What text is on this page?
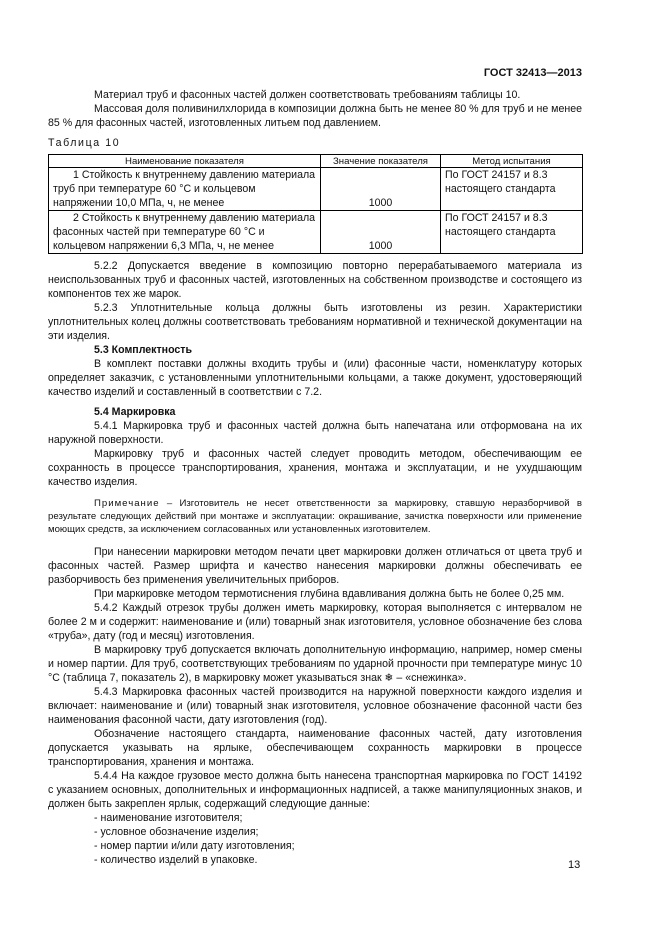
ГОСТ 32413—2013

Материал труб и фасонных частей должен соответствовать требованиям таблицы 10.

Массовая доля поливинилхлорида в композиции должна быть не менее 80 % для труб и не менее 85 % для фасонных частей, изготовленных литьем под давлением.

Таблица 10

Наименование показателя	Значение показателя	Метод испытания

1 Стойкость к внутреннему давлению материала труб при температуре 60 °С и кольцевом напряжении 10,0 МПа, ч, не менее	1000	По ГОСТ 24157 и 8.3 настоящего стандарта

2 Стойкость к внутреннему давлению материала фасонных частей при температуре 60 °С и кольцевом напряжении 6,3 МПа, ч, не менее	1000	По ГОСТ 24157 и 8.3 настоящего стандарта

5.2.2 Допускается введение в композицию повторно перерабатываемого материала из неиспользованных труб и фасонных частей, изготовленных на собственном производстве и состоящего из компонентов тех же марок.

5.2.3 Уплотнительные кольца должны быть изготовлены из резин. Характеристики уплотнительных колец должны соответствовать требованиям нормативной и технической документации на эти изделия.

5.3 Комплектность

В комплект поставки должны входить трубы и (или) фасонные части, номенклатуру которых определяет заказчик, с установленными уплотнительными кольцами, а также документ, удостоверяющий качество изделий и составленный в соответствии с 7.2.

5.4 Маркировка

5.4.1 Маркировка труб и фасонных частей должна быть напечатана или отформована на их наружной поверхности.

Маркировку труб и фасонных частей следует проводить методом, обеспечивающим ее сохранность в процессе транспортирования, хранения, монтажа и эксплуатации, и не ухудшающим качество изделия.

Примечание – Изготовитель не несет ответственности за маркировку, ставшую неразборчивой в результате следующих действий при монтаже и эксплуатации: окрашивание, зачистка поверхности или применение моющих средств, за исключением согласованных или установленных изготовителем.

При нанесении маркировки методом печати цвет маркировки должен отличаться от цвета труб и фасонных частей. Размер шрифта и качество нанесения маркировки должны обеспечивать ее разборчивость без применения увеличительных приборов.

При маркировке методом термотиснения глубина вдавливания должна быть не более 0,25 мм.

5.4.2 Каждый отрезок трубы должен иметь маркировку, которая выполняется с интервалом не более 2 м и содержит: наименование и (или) товарный знак изготовителя, условное обозначение без слова «труба», дату (год и месяц) изготовления.

В маркировку труб допускается включать дополнительную информацию, например, номер смены и номер партии. Для труб, соответствующих требованиям по ударной прочности при температуре минус 10 °С (таблица 7, показатель 2), в маркировку может указываться знак ❄ – «снежинка».

5.4.3 Маркировка фасонных частей производится на наружной поверхности каждого изделия и включает: наименование и (или) товарный знак изготовителя, условное обозначение фасонной части без наименования фасонной части, дату изготовления (год).

Обозначение настоящего стандарта, наименование фасонных частей, дату изготовления допускается указывать на ярлыке, обеспечивающем сохранность маркировки в процессе транспортирования, хранения и монтажа.

5.4.4 На каждое грузовое место должна быть нанесена транспортная маркировка по ГОСТ 14192 с указанием основных, дополнительных и информационных надписей, а также манипуляционных знаков, и должен быть закреплен ярлык, содержащий следующие данные:

- наименование изготовителя;
- условное обозначение изделия;
- номер партии и/или дату изготовления;
- количество изделий в упаковке.	13
